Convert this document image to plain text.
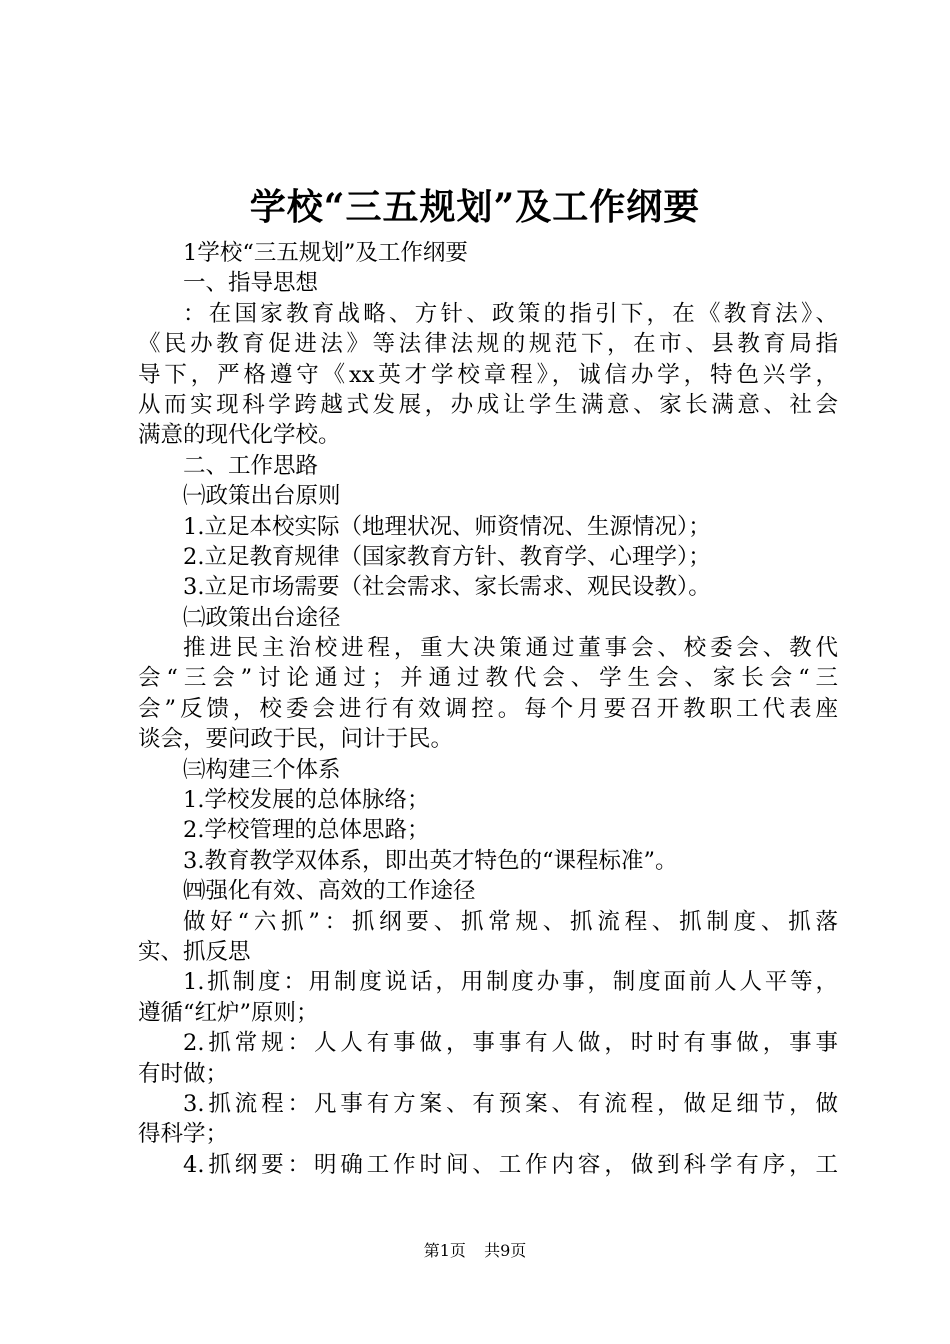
学校“三五规划”及工作纲要
1学校“三五规划”及工作纲要
一、指导思想
：在国家教育战略、方针、政策的指引下，在《教育法》、
《民办教育促进法》等法律法规的规范下，在市、县教育局指
导下，严格遵守《xx英才学校章程》，诚信办学，特色兴学，
从而实现科学跨越式发展，办成让学生满意、家长满意、社会
满意的现代化学校。
二、工作思路
㈠政策出台原则
1.立足本校实际（地理状况、师资情况、生源情况）；
2.立足教育规律（国家教育方针、教育学、心理学）；
3.立足市场需要（社会需求、家长需求、观民设教）。
㈡政策出台途径
推进民主治校进程，重大决策通过董事会、校委会、教代
会“三会”讨论通过；并通过教代会、学生会、家长会“三
会”反馈，校委会进行有效调控。每个月要召开教职工代表座
谈会，要问政于民，问计于民。
㈢构建三个体系
1.学校发展的总体脉络；
2.学校管理的总体思路；
3.教育教学双体系，即出英才特色的“课程标准”。
㈣强化有效、高效的工作途径
做好“六抓”：抓纲要、抓常规、抓流程、抓制度、抓落
实、抓反思
1.抓制度：用制度说话，用制度办事，制度面前人人平等，
遵循“红炉”原则；
2.抓常规：人人有事做，事事有人做，时时有事做，事事
有时做；
3.抓流程：凡事有方案、有预案、有流程，做足细节，做
得科学；
4.抓纲要：明确工作时间、工作内容，做到科学有序，工
第1页 共9页
